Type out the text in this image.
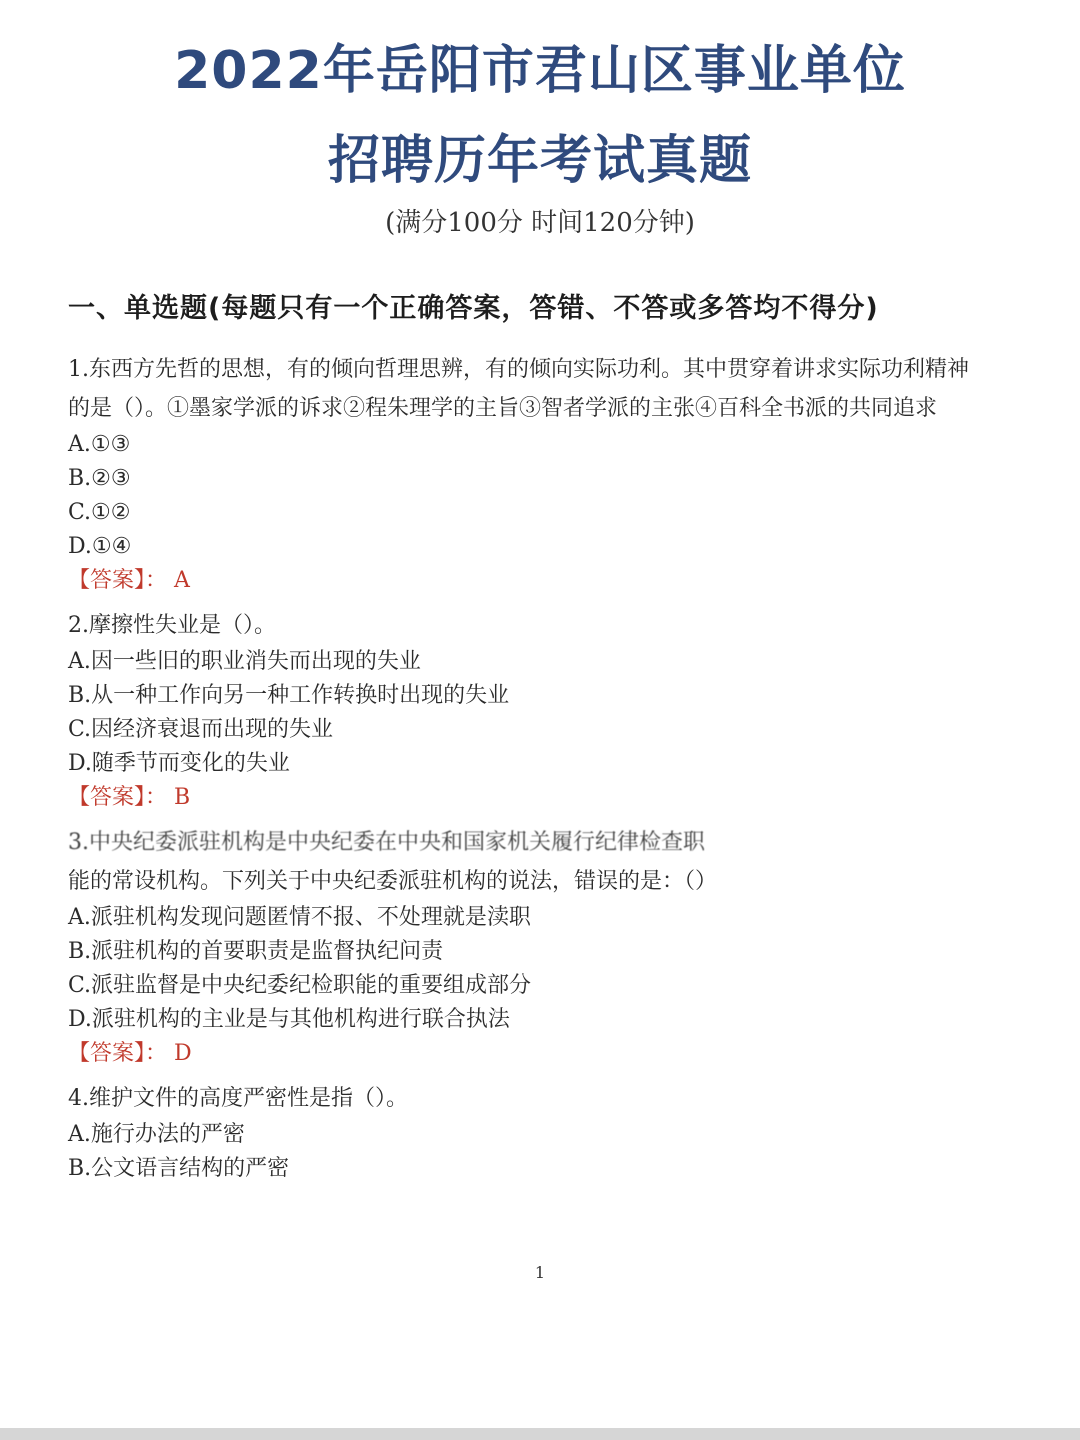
2022年岳阳市君山区事业单位
招聘历年考试真题
(满分100分 时间120分钟)
一、单选题(每题只有一个正确答案，答错、不答或多答均不得分)

1.东西方先哲的思想，有的倾向哲理思辨，有的倾向实际功利。其中贯穿着讲求实际功利精神的是（）。①墨家学派的诉求②程朱理学的主旨③智者学派的主张④百科全书派的共同追求

A.①③

B.②③

C.①②

D.①④

【答案】： A

2.摩擦性失业是（）。

A.因一些旧的职业消失而出现的失业

B.从一种工作向另一种工作转换时出现的失业

C.因经济衰退而出现的失业

D.随季节而变化的失业

【答案】： B

3.中央纪委派驻机构是中央纪委在中央和国家机关履行纪律检查职

能的常设机构。下列关于中央纪委派驻机构的说法，错误的是：（）

A.派驻机构发现问题匿情不报、不处理就是渎职

B.派驻机构的首要职责是监督执纪问责

C.派驻监督是中央纪委纪检职能的重要组成部分

D.派驻机构的主业是与其他机构进行联合执法

【答案】： D

4.维护文件的高度严密性是指（）。

A.施行办法的严密

B.公文语言结构的严密

1
